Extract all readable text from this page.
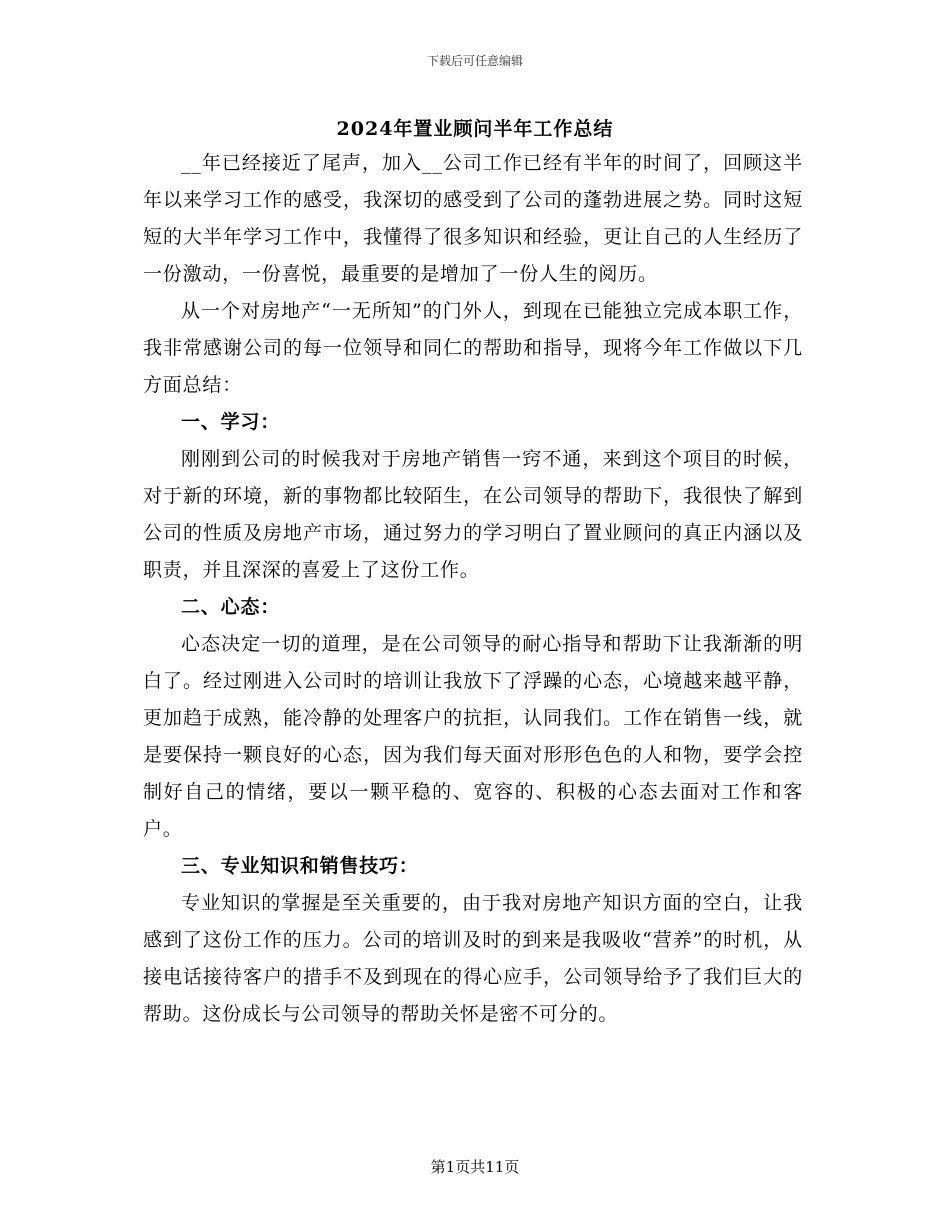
下载后可任意编辑
2024年置业顾问半年工作总结

__年已经接近了尾声，加入__公司工作已经有半年的时间了，回顾这半年以来学习工作的感受，我深切的感受到了公司的蓬勃进展之势。同时这短短的大半年学习工作中，我懂得了很多知识和经验，更让自己的人生经历了一份激动，一份喜悦，最重要的是增加了一份人生的阅历。

从一个对房地产“一无所知”的门外人，到现在已能独立完成本职工作，我非常感谢公司的每一位领导和同仁的帮助和指导，现将今年工作做以下几方面总结：

一、学习：

刚刚到公司的时候我对于房地产销售一窍不通，来到这个项目的时候，对于新的环境，新的事物都比较陌生，在公司领导的帮助下，我很快了解到公司的性质及房地产市场，通过努力的学习明白了置业顾问的真正内涵以及职责，并且深深的喜爱上了这份工作。

二、心态：

心态决定一切的道理，是在公司领导的耐心指导和帮助下让我渐渐的明白了。经过刚进入公司时的培训让我放下了浮躁的心态，心境越来越平静，更加趋于成熟，能冷静的处理客户的抗拒，认同我们。工作在销售一线，就是要保持一颗良好的心态，因为我们每天面对形形色色的人和物，要学会控制好自己的情绪，要以一颗平稳的、宽容的、积极的心态去面对工作和客户。

三、专业知识和销售技巧：

专业知识的掌握是至关重要的，由于我对房地产知识方面的空白，让我感到了这份工作的压力。公司的培训及时的到来是我吸收“营养”的时机，从接电话接待客户的措手不及到现在的得心应手，公司领导给予了我们巨大的帮助。这份成长与公司领导的帮助关怀是密不可分的。

第1页共11页
